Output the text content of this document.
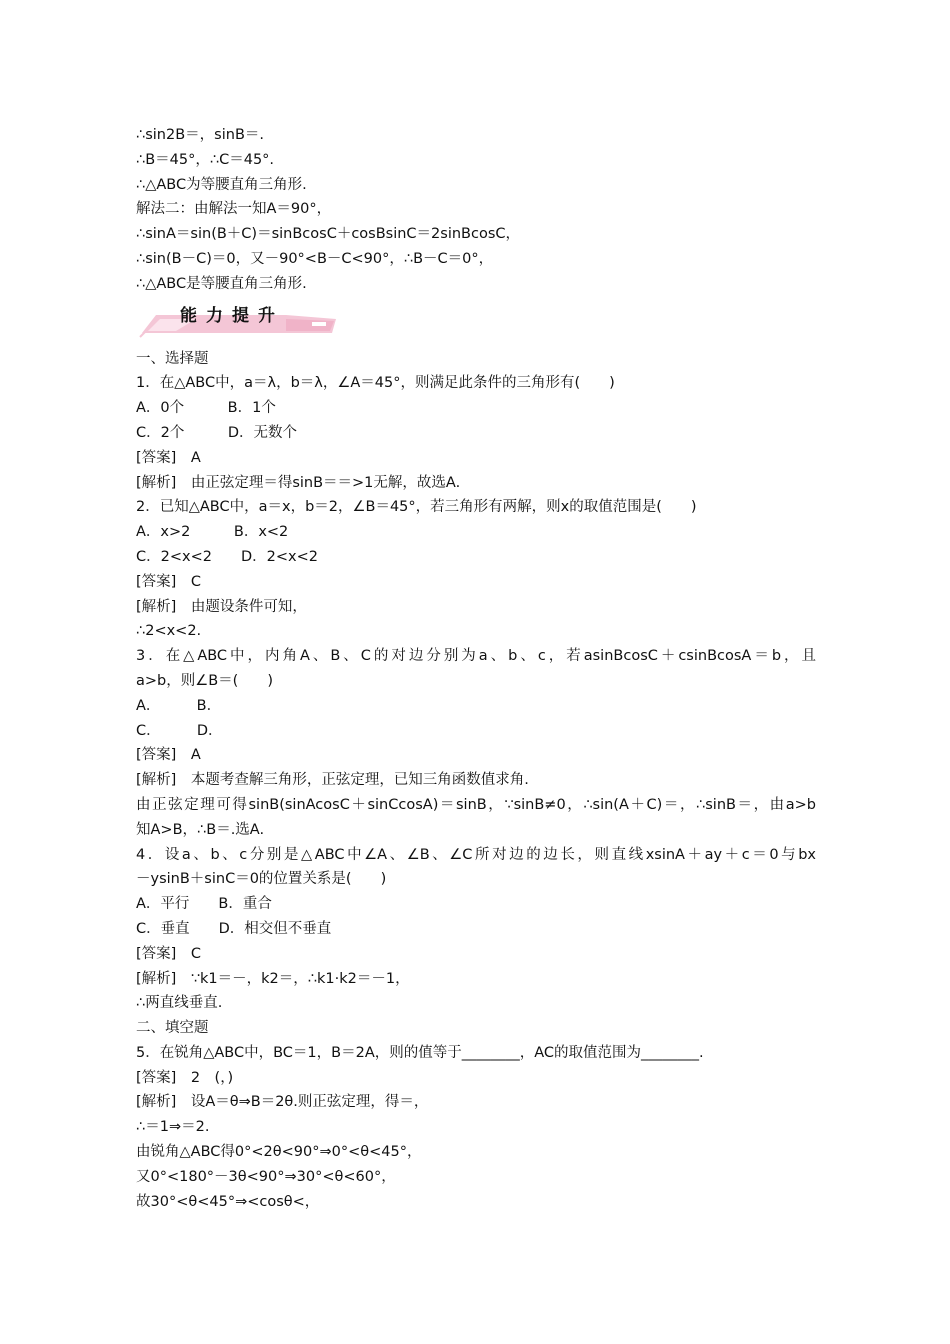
∴sin2B＝，sinB＝.
∴B＝45°，∴C＝45°.
∴△ABC为等腰直角三角形.
解法二：由解法一知A＝90°，
∴sinA＝sin(B＋C)＝sinBcosC＋cosBsinC＝2sinBcosC，
∴sin(B－C)＝0，又－90°<B－C<90°，∴B－C＝0°，
∴△ABC是等腰直角三角形.
能力提升
一、选择题
1．在△ABC中，a＝λ，b＝λ，∠A＝45°，则满足此条件的三角形有(　　)
A．0个　　　B．1个
C．2个　　　D．无数个
[答案]　A
[解析]　由正弦定理＝得sinB＝＝>1无解，故选A.
2．已知△ABC中，a＝x，b＝2，∠B＝45°，若三角形有两解，则x的取值范围是(　　)
A．x>2　　　B．x<2
C．2<x<2　　D．2<x<2
[答案]　C
[解析]　由题设条件可知，
∴2<x<2.
3．在△ABC中，内角A、B、C的对边分别为a、b、c，若asinBcosC＋csinBcosA＝b，且
a>b，则∠B＝(　　)
A．　　　B．
C．　　　D．
[答案]　A
[解析]　本题考查解三角形，正弦定理，已知三角函数值求角.
由正弦定理可得sinB(sinAcosC＋sinCcosA)＝sinB，∵sinB≠0，∴sin(A＋C)＝，∴sinB＝，由a>b
知A>B，∴B＝.选A.
4．设a、b、c分别是△ABC中∠A、∠B、∠C所对边的边长，则直线xsinA＋ay＋c＝0与bx
－ysinB＋sinC＝0的位置关系是(　　)
A．平行　　B．重合
C．垂直　　D．相交但不垂直
[答案]　C
[解析]　∵k1＝－，k2＝，∴k1·k2＝－1，
∴两直线垂直.
二、填空题
5．在锐角△ABC中，BC＝1，B＝2A，则的值等于________，AC的取值范围为________.
[答案]　2　(，)
[解析]　设A＝θ⇒B＝2θ.则正弦定理，得＝，
∴＝1⇒＝2.
由锐角△ABC得0°<2θ<90°⇒0°<θ<45°，
又0°<180°－3θ<90°⇒30°<θ<60°，
故30°<θ<45°⇒<cosθ<，
